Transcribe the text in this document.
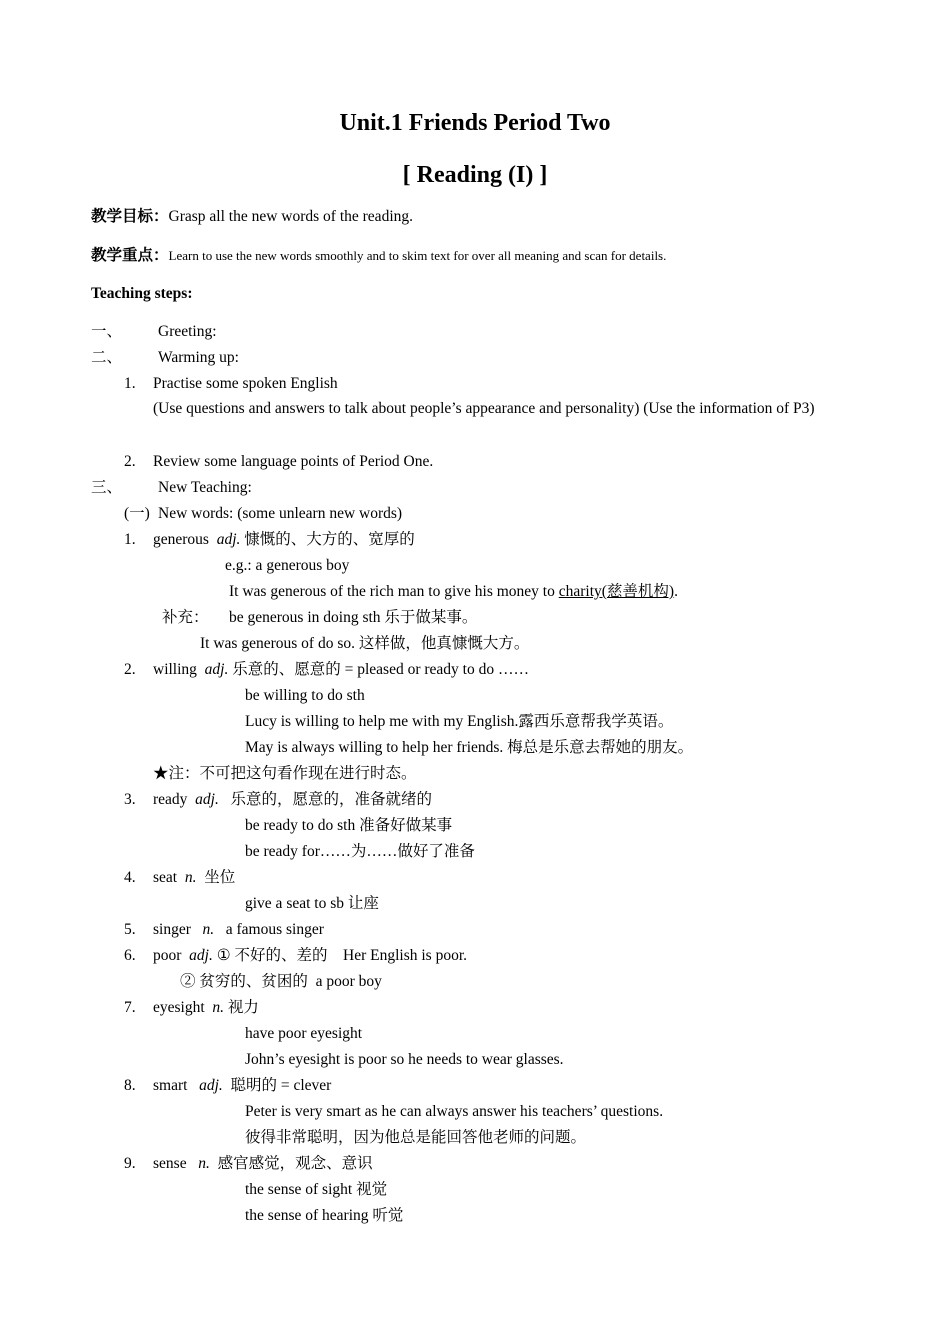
Unit.1 Friends Period Two
[ Reading (I) ]
教学目标：Grasp all the new words of the reading.
教学重点：Learn to use the new words smoothly and to skim text for over all meaning and scan for details.
Teaching steps:
一、 Greeting:
二、 Warming up:
1. Practise some spoken English
(Use questions and answers to talk about people’s appearance and personality) (Use the information of P3)
2. Review some language points of Period One.
三、 New Teaching:
(一) New words: (some unlearn new words)
1. generous adj. 慷慨的、大方的、宽厚的
e.g.: a generous boy
It was generous of the rich man to give his money to charity(慈善机构).
补充： be generous in doing sth 乐于做某事。
It was generous of do so. 这样做，他真慷慨大方。
2. willing adj. 乐意的、愿意的 = pleased or ready to do ……
be willing to do sth
Lucy is willing to help me with my English.露西乐意帮我学英语。
May is always willing to help her friends. 梅总是乐意去帮她的朋友。
★注：不可把这句看作现在进行时态。
3. ready adj. 乐意的，愿意的，准备就绪的
be ready to do sth 准备好做某事
be ready for……为……做好了准备
4. seat n. 坐位
give a seat to sb 让座
5. singer n. a famous singer
6. poor adj. ① 不好的、差的 Her English is poor.
② 贫穷的、贫困的 a poor boy
7. eyesight n. 视力
have poor eyesight
John’s eyesight is poor so he needs to wear glasses.
8. smart adj. 聪明的 = clever
Peter is very smart as he can always answer his teachers’ questions.
彼得非常聪明，因为他总是能回答他老师的问题。
9. sense n. 感官感觉，观念、意识
the sense of sight 视觉
the sense of hearing 听觉
